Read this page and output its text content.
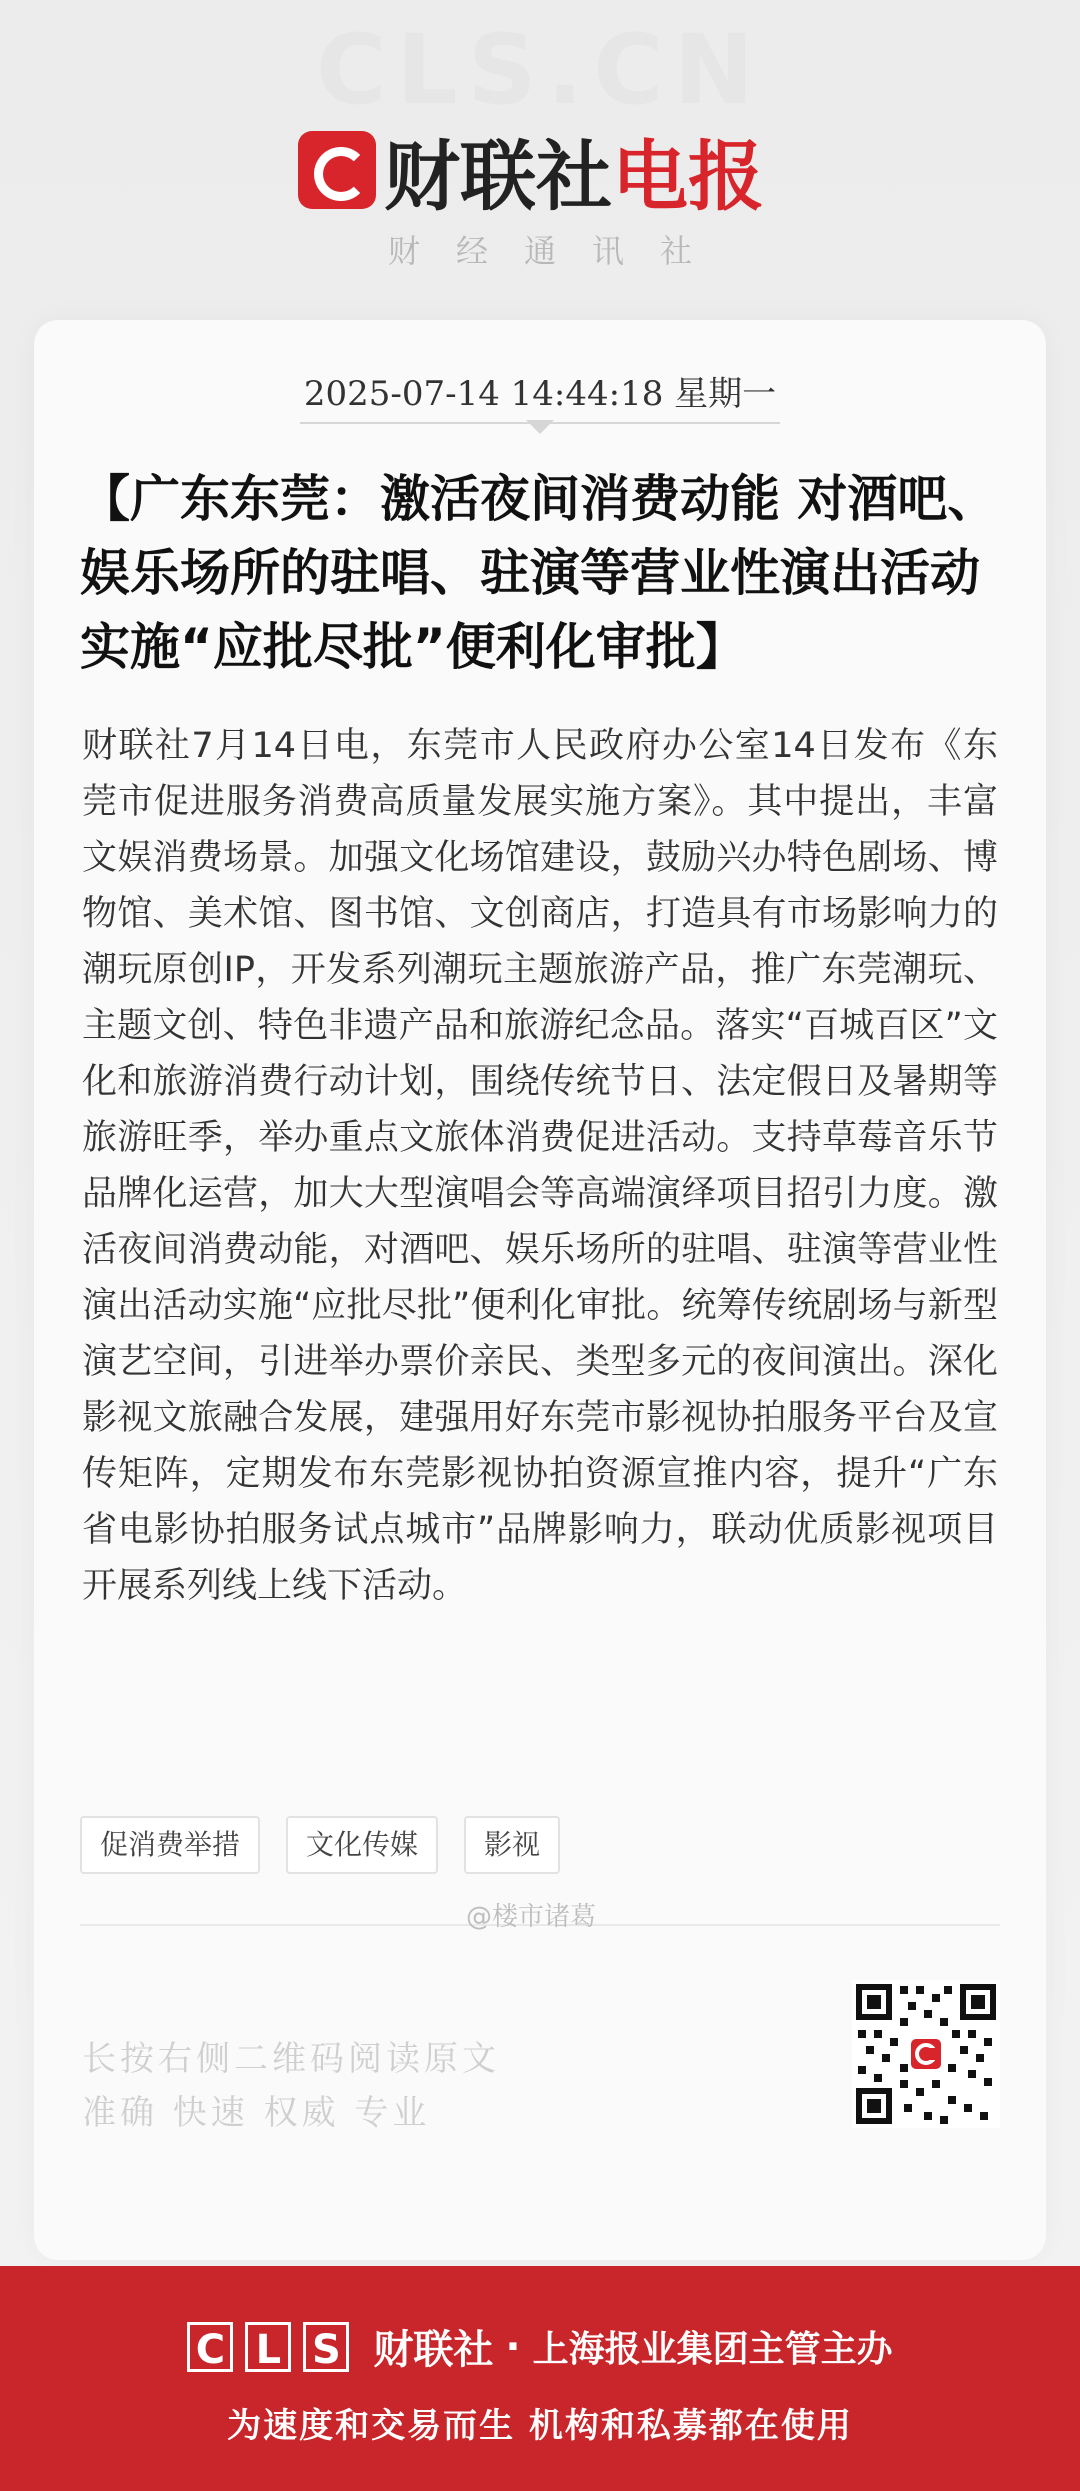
CLS.CN
财联社 电报
财经通讯社
2025-07-14 14:44:18 星期一
【广东东莞：激活夜间消费动能 对酒吧、娱乐场所的驻唱、驻演等营业性演出活动实施“应批尽批”便利化审批】
财联社7月14日电，东莞市人民政府办公室14日发布《东莞市促进服务消费高质量发展实施方案》。其中提出，丰富文娱消费场景。加强文化场馆建设，鼓励兴办特色剧场、博物馆、美术馆、图书馆、文创商店，打造具有市场影响力的潮玩原创IP，开发系列潮玩主题旅游产品，推广东莞潮玩、主题文创、特色非遗产品和旅游纪念品。落实“百城百区”文化和旅游消费行动计划，围绕传统节日、法定假日及暑期等旅游旺季，举办重点文旅体消费促进活动。支持草莓音乐节品牌化运营，加大大型演唱会等高端演绎项目招引力度。激活夜间消费动能，对酒吧、娱乐场所的驻唱、驻演等营业性演出活动实施“应批尽批”便利化审批。统筹传统剧场与新型演艺空间，引进举办票价亲民、类型多元的夜间演出。深化影视文旅融合发展，建强用好东莞市影视协拍服务平台及宣传矩阵，定期发布东莞影视协拍资源宣推内容，提升“广东省电影协拍服务试点城市”品牌影响力，联动优质影视项目开展系列线上线下活动。
促消费举措	文化传媒	影视
@楼市诸葛
长按右侧二维码阅读原文
准确 快速 权威 专业
C L S 财联社 · 上海报业集团主管主办
为速度和交易而生 机构和私募都在使用
